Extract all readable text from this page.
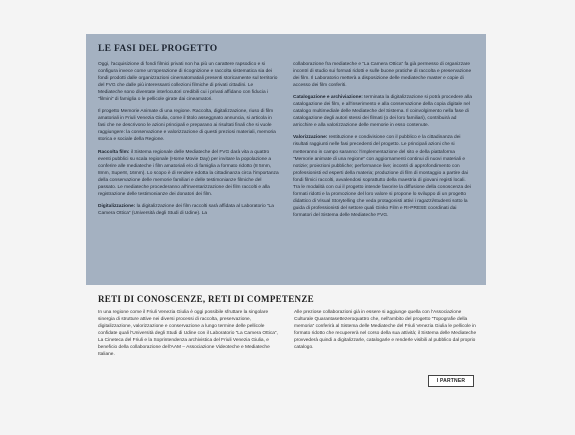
LE FASI DEL PROGETTO

Oggi, l'acquisizione di fondi filmici privati non ha più un carattere rapsodico e si configura invece come un'operazione di ricognizione e raccolta sistematica sia dei fondi prodotti dalle organizzazioni cinematomatiali presenti storicamente sul territorio del FVG che dalle più interessanti collezioni filmiche di privati cittadini. Le Mediateche sono diventate interlocutori credibili cui i privati affidano con fiducia i “filmini” di famiglia o le pellicole girate dai cineamatori.

Il progetto Memorie Animate di una regione. Raccolta, digitalizzazione, riuso di film amatoriali in Friuli Venezia Giulia, come il titolo asseggnato annuncia, si articola in fasi che ne descrivono le azioni principali e preparano ai risultati finali che si vuole raggiungere: la conservazione e valorizzazione di questi preziosi materiali, memoria storica e sociale della Regione.

Raccolta film: il Sistema regionale delle Mediateche del FVG darà vita a quattro eventi pubblici su scala regionale (Home Movie Day) per invitare la popolazione a conferire alle mediateche i film amatoriali e/o di famiglia a formato ridotto (8 5mm, 8mm, Super8, 16mm). Lo scopo è di rendere edotta la cittadinanza circa l'importanza della conservazione delle memorie familiari e delle testimonianze filmiche del passato. Le mediateche procederanno all'inventarizzazione dei film raccolti e alla registrazione delle testimonianze dei donatori dei film.

Digitalizzazione: la digitalizzazione dei film raccolti sarà affidata al Laboratorio “La Camera Ottica” (Università degli Studi di Udine). La

collaborazione fra mediateche e “La Camera Ottica” fa già permesso di organizzare incontri di studio sui formati ridotti e sulle buone pratiche di raccolta e preservazione dei film. Il Laboratorio metterà a disposizione delle mediateche master e copie di accesso dei film conferiti.

Catalogazione e archiviazione: terminata la digitalizzazione si potrà procedere alla catalogazione dei film, e all'inserimento e alla conservazione della copia digitale nel catalogo multimediale delle Mediateche del Sistema. Il coinvolgimento nella fase di catalogazione degli autori stessi dei filmati (o dei loro familiari), contribuirà ad arricchire e alla valorizzazione delle memorie in esso contenute.

Valorizzazione: restituzione e condivisione con il pubblico e la cittadinanza dei risultati raggiunti nelle fasi precedenti del progetto. Le principali azioni che si metteranno in campo saranno: l'implementazione del sito e della piattaforma “Memorie animate di una regione” con aggiornamenti continui di nuovi materiali e notizie; proiezioni pubbliche; performance live; incontri di approfondimento con professionisti ed esperti della materia; produzione di film di montaggio a partire dai fondi filmici raccolti, avvalendosi soprattutto della maestria di giovani registi locali. Tra le modalità con cui il progetto intende favorire la diffusione della conoscenza dei formati ridotti e la promozione del loro valore si propone lo sviluppo di un progetto didattico di Visual Storytelling che veda protagonisti attivi i ragazzi/studenti sotto la guida di professionisti del settore quali Ginko Film e RI-PRESE coordinati dai formatori del Sistema delle Mediateche FVG.

RETI DI CONOSCENZE, RETI DI COMPETENZE

In una regione come il Friuli Venezia Giulia è oggi possibile sfruttare la singolare sinergia di strutture attive nei diversi processi di raccolta, preservazione, digitalizzazione, valorizzazione e conservazione a lungo termine delle pellicole confidate quali l'Università degli Studi di Udine con il Laboratorio “La Camera Ottica”, La Cineteca del Friuli e la Soprintendenza archivistica del Friuli Venezia Giulia, e beneficio della collaborazione dell'AAM – Associazione Videoteche e Mediateche Italiane.

Alle preziose collaborazioni già in essere si aggiunge quella con l'Associazione Culturale Quarantasettezeroquattro che, nell'ambito del progetto “Topografie della memoria” conferirà al Sistema delle Mediateche del Friuli Venezia Giulia le pellicole in formato ridotto che recupererà nel corso della sua attività; il Sistema delle Mediateche provvederà quindi a digitalizzarle, catalogarle e renderle visibili al pubblico dal proprio catalogo.

I PARTNER
